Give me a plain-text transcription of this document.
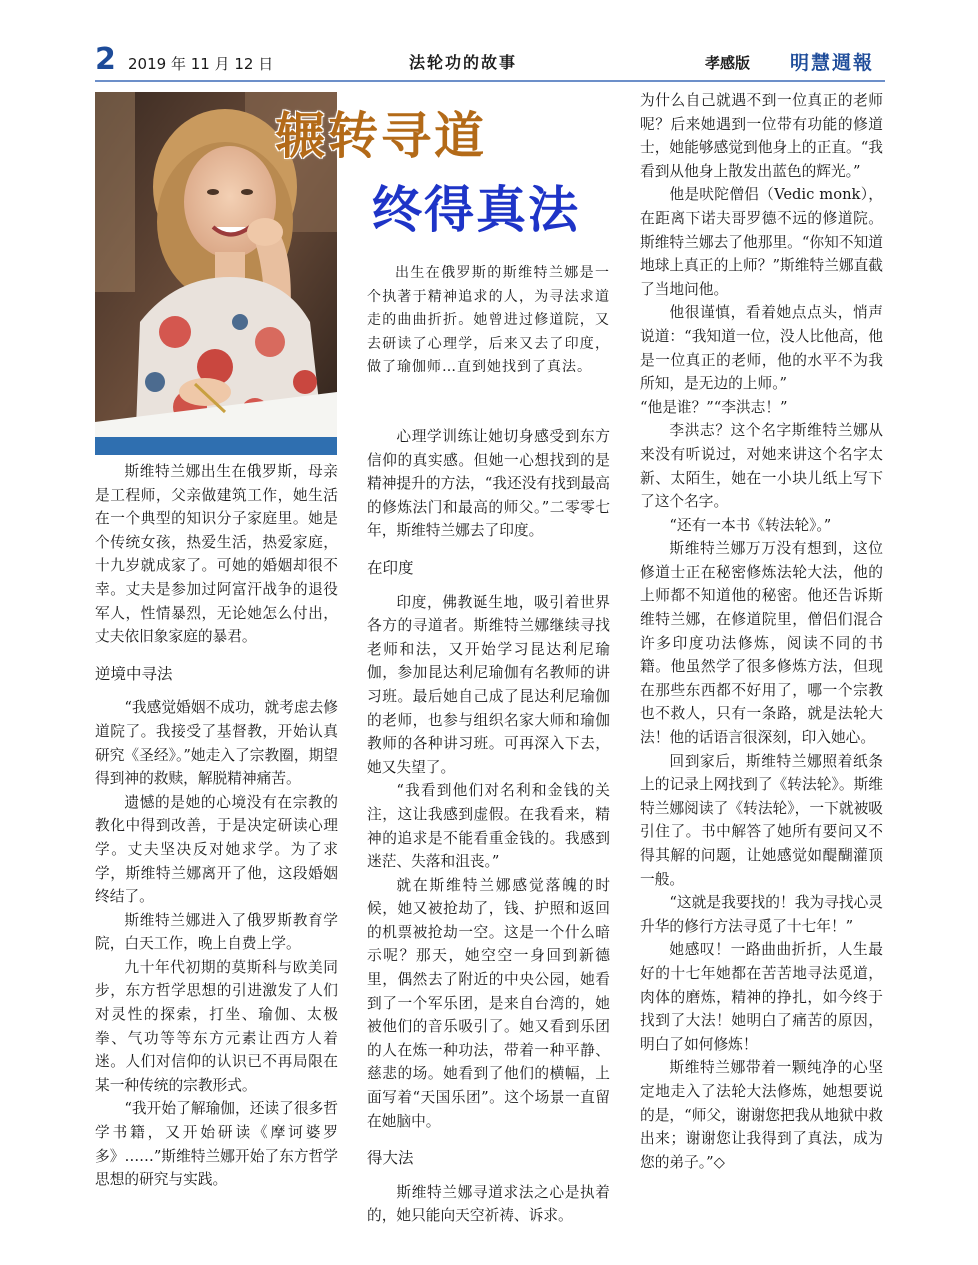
2 2019 年 11 月 12 日	法轮功的故事	孝感版 明慧週報
辗转寻道
终得真法
出生在俄罗斯的斯维特兰娜是一个执著于精神追求的人，为寻法求道走的曲曲折折。她曾进过修道院，又去研读了心理学，后来又去了印度，做了瑜伽师…直到她找到了真法。

斯维特兰娜出生在俄罗斯，母亲是工程师，父亲做建筑工作，她生活在一个典型的知识分子家庭里。她是个传统女孩，热爱生活，热爱家庭，十九岁就成家了。可她的婚姻却很不幸。丈夫是参加过阿富汗战争的退役军人，性情暴烈，无论她怎么付出，丈夫依旧象家庭的暴君。

逆境中寻法

“我感觉婚姻不成功，就考虑去修道院了。我接受了基督教，开始认真研究《圣经》。”她走入了宗教圈，期望得到神的救赎，解脱精神痛苦。

遗憾的是她的心境没有在宗教的教化中得到改善，于是决定研读心理学。丈夫坚决反对她求学。为了求学，斯维特兰娜离开了他，这段婚姻终结了。

斯维特兰娜进入了俄罗斯教育学院，白天工作，晚上自费上学。

九十年代初期的莫斯科与欧美同步，东方哲学思想的引进激发了人们对灵性的探索，打坐、瑜伽、太极拳、气功等等东方元素让西方人着迷。人们对信仰的认识已不再局限在某一种传统的宗教形式。

“我开始了解瑜伽，还读了很多哲学书籍，又开始研读《摩诃婆罗多》……”斯维特兰娜开始了东方哲学思想的研究与实践。

心理学训练让她切身感受到东方信仰的真实感。但她一心想找到的是精神提升的方法，“我还没有找到最高的修炼法门和最高的师父。”二零零七年，斯维特兰娜去了印度。

在印度

印度，佛教诞生地，吸引着世界各方的寻道者。斯维特兰娜继续寻找老师和法，又开始学习昆达利尼瑜伽，参加昆达利尼瑜伽有名教师的讲习班。最后她自己成了昆达利尼瑜伽的老师，也参与组织名家大师和瑜伽教师的各种讲习班。可再深入下去，她又失望了。

“我看到他们对名利和金钱的关注，这让我感到虚假。在我看来，精神的追求是不能看重金钱的。我感到迷茫、失落和沮丧。”

就在斯维特兰娜感觉落魄的时候，她又被抢劫了，钱、护照和返回的机票被抢劫一空。这是一个什么暗示呢？那天，她空空一身回到新德里，偶然去了附近的中央公园，她看到了一个军乐团，是来自台湾的，她被他们的音乐吸引了。她又看到乐团的人在炼一种功法，带着一种平静、慈悲的场。她看到了他们的横幅，上面写着“天国乐团”。这个场景一直留在她脑中。

得大法

斯维特兰娜寻道求法之心是执着的，她只能向天空祈祷、诉求。

为什么自己就遇不到一位真正的老师呢？后来她遇到一位带有功能的修道士，她能够感觉到他身上的正直。“我看到从他身上散发出蓝色的辉光。”

他是吠陀僧侣（Vedic monk），在距离下诺夫哥罗德不远的修道院。斯维特兰娜去了他那里。“你知不知道地球上真正的上师？”斯维特兰娜直截了当地问他。

他很谨慎，看着她点点头，悄声说道：“我知道一位，没人比他高，他是一位真正的老师，他的水平不为我所知，是无边的上师。”

“他是谁？”“李洪志！”

李洪志？这个名字斯维特兰娜从来没有听说过，对她来讲这个名字太新、太陌生，她在一小块儿纸上写下了这个名字。

“还有一本书《转法轮》。”

斯维特兰娜万万没有想到，这位修道士正在秘密修炼法轮大法，他的上师都不知道他的秘密。他还告诉斯维特兰娜，在修道院里，僧侣们混合许多印度功法修炼，阅读不同的书籍。他虽然学了很多修炼方法，但现在那些东西都不好用了，哪一个宗教也不救人，只有一条路，就是法轮大法！他的话语言很深刻，印入她心。

回到家后，斯维特兰娜照着纸条上的记录上网找到了《转法轮》。斯维特兰娜阅读了《转法轮》，一下就被吸引住了。书中解答了她所有要问又不得其解的问题，让她感觉如醍醐灌顶一般。

“这就是我要找的！我为寻找心灵升华的修行方法寻觅了十七年！”

她感叹！一路曲曲折折，人生最好的十七年她都在苦苦地寻法觅道，肉体的磨炼，精神的挣扎，如今终于找到了大法！她明白了痛苦的原因，明白了如何修炼！

斯维特兰娜带着一颗纯净的心坚定地走入了法轮大法修炼，她想要说的是，“师父，谢谢您把我从地狱中救出来；谢谢您让我得到了真法，成为您的弟子。”◇
